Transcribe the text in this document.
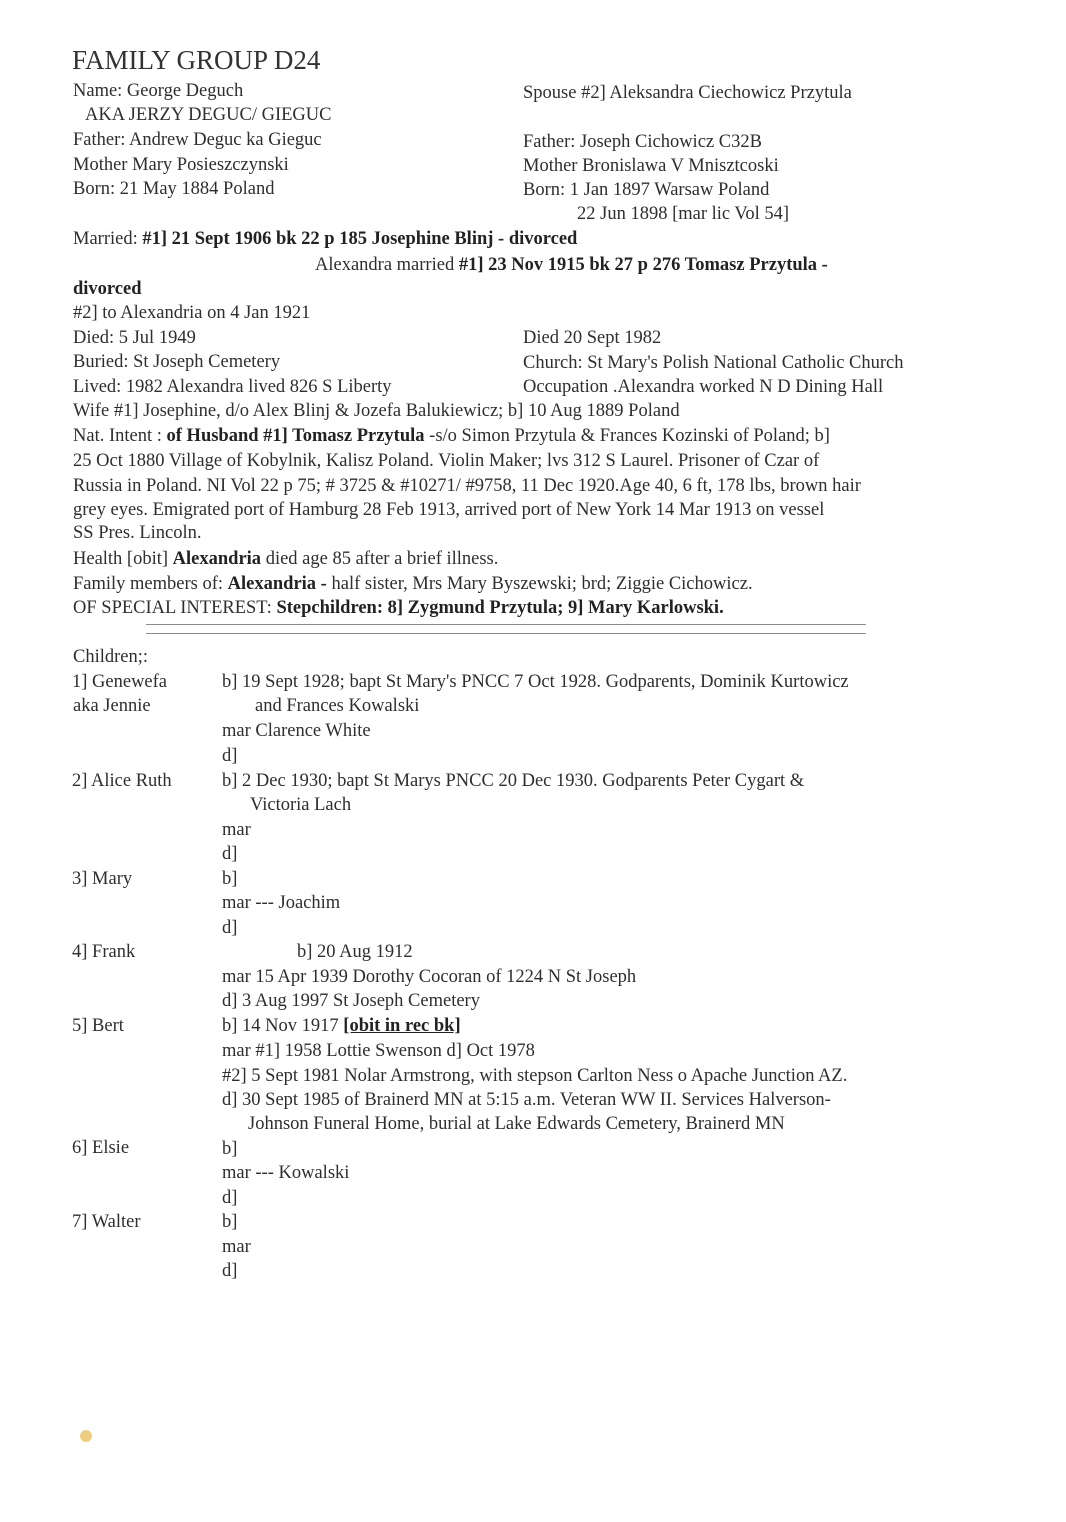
FAMILY GROUP D24
Name: George Deguch
AKA JERZY DEGUC/ GIEGUC
Father: Andrew Deguc ka Gieguc
Mother Mary Posieszczynski
Born: 21 May 1884 Poland
Spouse #2] Aleksandra Ciechowicz Przytula
Father: Joseph Cichowicz C32B
Mother Bronislawa V Mnisztcoski
Born: 1 Jan 1897 Warsaw Poland
22 Jun 1898 [mar lic Vol 54]
Married: #1] 21 Sept 1906 bk 22 p 185 Josephine Blinj - divorced
Alexandra married #1] 23 Nov 1915 bk 27 p 276 Tomasz Przytula -
divorced
#2] to Alexandria on 4 Jan 1921
Died: 5 Jul 1949	Died 20 Sept 1982
Buried: St Joseph Cemetery	Church: St Mary's Polish National Catholic Church
Lived: 1982 Alexandra lived 826 S Liberty	Occupation .Alexandra worked N D Dining Hall
Wife #1] Josephine, d/o Alex Blinj & Jozefa Balukiewicz; b] 10 Aug 1889 Poland
Nat. Intent : of Husband #1] Tomasz Przytula -s/o Simon Przytula & Frances Kozinski of Poland; b]
25 Oct 1880 Village of Kobylnik, Kalisz Poland. Violin Maker; lvs 312 S Laurel. Prisoner of Czar of
Russia in Poland. NI Vol 22 p 75; # 3725 & #10271/ #9758, 11 Dec 1920.Age 40, 6 ft, 178 lbs, brown hair
grey eyes. Emigrated port of Hamburg 28 Feb 1913, arrived port of New York 14 Mar 1913 on vessel
SS Pres. Lincoln.
Health [obit] Alexandria died age 85 after a brief illness.
Family members of: Alexandria - half sister, Mrs Mary Byszewski; brd; Ziggie Cichowicz.
OF SPECIAL INTEREST: Stepchildren: 8] Zygmund Przytula; 9] Mary Karlowski.
Children;:
1] Genewefa
aka Jennie
b] 19 Sept 1928; bapt St Mary's PNCC 7 Oct 1928. Godparents, Dominik Kurtowicz
and Frances Kowalski
mar Clarence White
d]
2] Alice Ruth	b] 2 Dec 1930; bapt St Marys PNCC 20 Dec 1930. Godparents Peter Cygart &
Victoria Lach
mar
d]
3] Mary	b]
mar --- Joachim
d]
4] Frank	b] 20 Aug 1912
mar 15 Apr 1939 Dorothy Cocoran of 1224 N St Joseph
d] 3 Aug 1997 St Joseph Cemetery
5] Bert	b] 14 Nov 1917 [obit in rec bk]
mar #1] 1958 Lottie Swenson d] Oct 1978
#2] 5 Sept 1981 Nolar Armstrong, with stepson Carlton Ness o Apache Junction AZ.
d] 30 Sept 1985 of Brainerd MN at 5:15 a.m. Veteran WW II. Services Halverson-
Johnson Funeral Home, burial at Lake Edwards Cemetery, Brainerd MN
6] Elsie	b]
mar --- Kowalski
d]
7] Walter	b]
mar
d]
